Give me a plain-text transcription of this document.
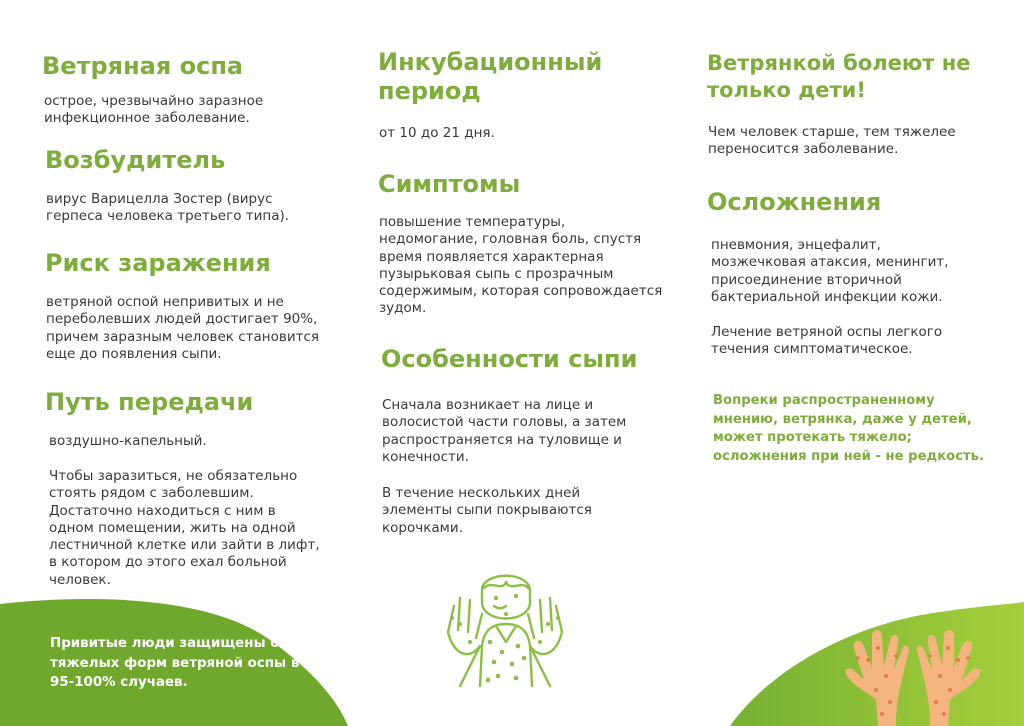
Ветряная оспа

острое, чрезвычайно заразное инфекционное заболевание.

Возбудитель

вирус Варицелла Зостер (вирус герпеса человека третьего типа).

Риск заражения

ветряной оспой непривитых и не переболевших людей достигает 90%, причем заразным человек становится еще до появления сыпи.

Путь передачи

воздушно-капельный.

Чтобы заразиться, не обязательно стоять рядом с заболевшим. Достаточно находиться с ним в одном помещении, жить на одной лестничной клетке или зайти в лифт, в котором до этого ехал больной человек.

Привитые люди защищены от тяжелых форм ветряной оспы в 95-100% случаев.

Инкубационный период

от 10 до 21 дня.

Симптомы

повышение температуры, недомогание, головная боль, спустя время появляется характерная пузырьковая сыпь с прозрачным содержимым, которая сопровождается зудом.

Особенности сыпи

Сначала возникает на лице и волосистой части головы, а затем распространяется на туловище и конечности.

В течение нескольких дней элементы сыпи покрываются корочками.

Ветрянкой болеют не только дети!

Чем человек старше, тем тяжелее переносится заболевание.

Осложнения

пневмония, энцефалит, мозжечковая атаксия, менингит, присоединение вторичной бактериальной инфекции кожи.

Лечение ветряной оспы легкого течения симптоматическое.

Вопреки распространенному мнению, ветрянка, даже у детей, может протекать тяжело; осложнения при ней - не редкость.
